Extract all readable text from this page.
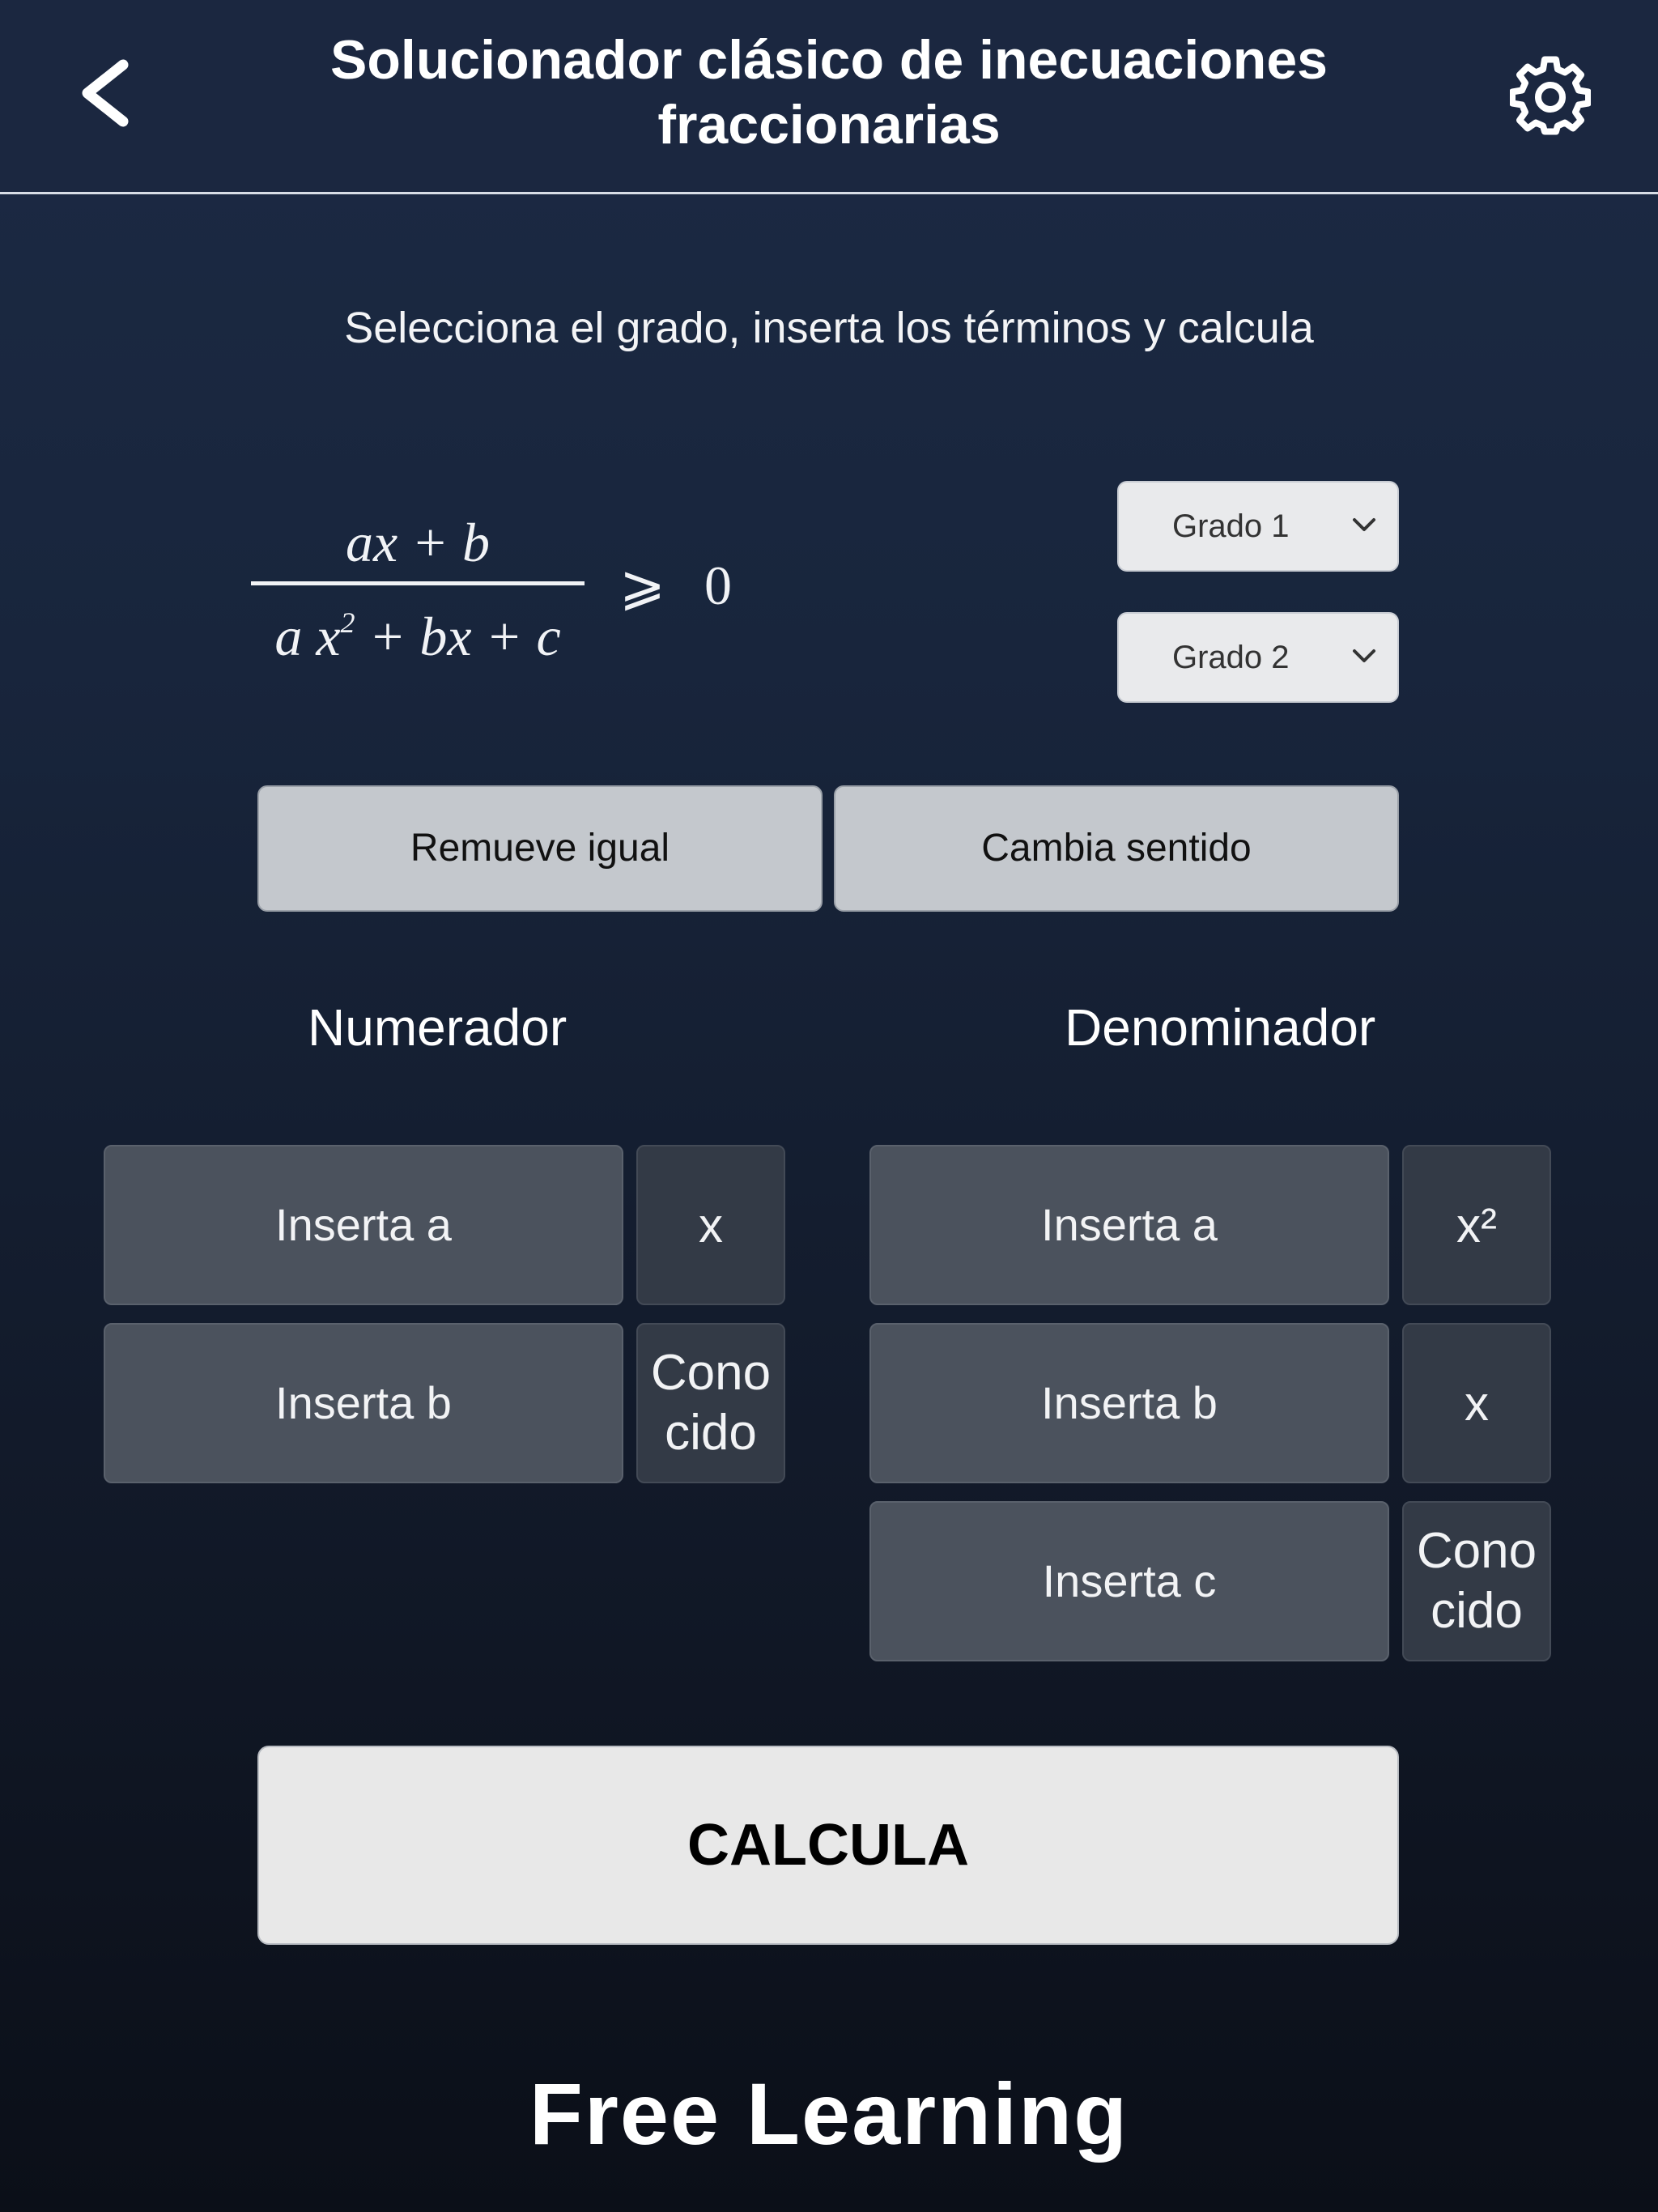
Solucionador clásico de inecuaciones fraccionarias
Selecciona el grado, inserta los términos y calcula
ax + b
a $x^2$ + bx + c
⩾ 0
Grado 1
Grado 2
Remueve igual	Cambia sentido
Numerador	Denominador
Inserta a	x
Inserta b
Cono
cido
Inserta a	x²
Inserta b	x
Inserta c
Cono
cido
CALCULA
Free Learning
